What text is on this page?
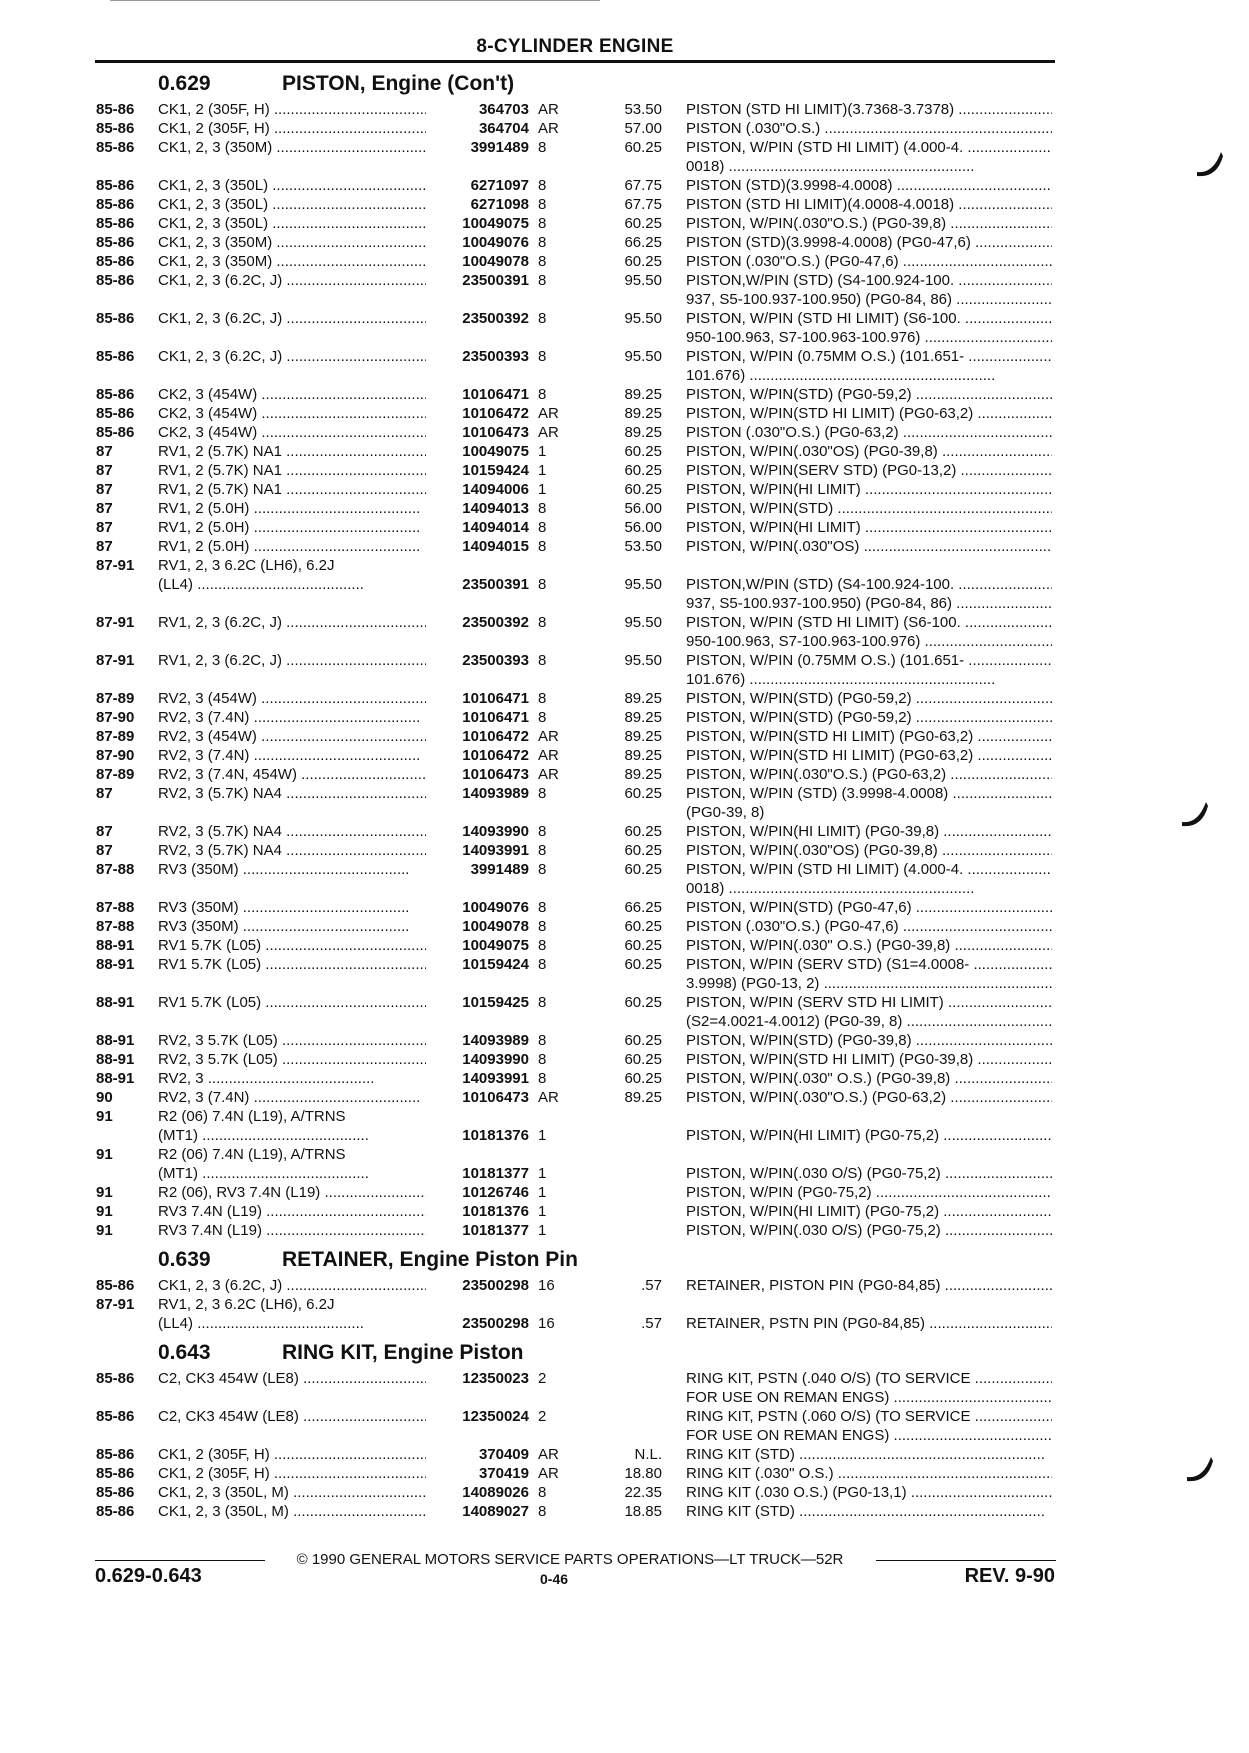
8-CYLINDER ENGINE
0.629	PISTON, Engine (Con't)
85-86 CK1, 2 (305F, H) .....	364703 AR	53.50 PISTON (STD HI LIMIT)(3.7368-3.7378) .....
85-86 CK1, 2 (305F, H) .....	364704 AR	57.00 PISTON (.030"O.S.) .....
85-86 CK1, 2, 3 (350M) .....	3991489 8	60.25 PISTON, W/PIN (STD HI LIMIT) (4.000-4. .....
0018) .....
85-86 CK1, 2, 3 (350L) .....	6271097 8	67.75 PISTON (STD)(3.9998-4.0008) .....
85-86 CK1, 2, 3 (350L) .....	6271098 8	67.75 PISTON (STD HI LIMIT)(4.0008-4.0018) .....
85-86 CK1, 2, 3 (350L) .....	10049075 8	60.25 PISTON, W/PIN(.030"O.S.) (PG0-39,8) .....
85-86 CK1, 2, 3 (350M) .....	10049076 8	66.25 PISTON (STD)(3.9998-4.0008) (PG0-47,6) .....
85-86 CK1, 2, 3 (350M) .....	10049078 8	60.25 PISTON (.030"O.S.) (PG0-47,6) .....
85-86 CK1, 2, 3 (6.2C, J) .....	23500391 8	95.50 PISTON,W/PIN (STD) (S4-100.924-100. .....
937, S5-100.937-100.950) (PG0-84, 86) .....
85-86 CK1, 2, 3 (6.2C, J) .....	23500392 8	95.50 PISTON, W/PIN (STD HI LIMIT) (S6-100. .....
950-100.963, S7-100.963-100.976) .....
85-86 CK1, 2, 3 (6.2C, J) .....	23500393 8	95.50 PISTON, W/PIN (0.75MM O.S.) (101.651- .....
101.676) .....
85-86 CK2, 3 (454W) .....	10106471 8	89.25 PISTON, W/PIN(STD) (PG0-59,2) .....
85-86 CK2, 3 (454W) .....	10106472 AR	89.25 PISTON, W/PIN(STD HI LIMIT) (PG0-63,2) .....
85-86 CK2, 3 (454W) .....	10106473 AR	89.25 PISTON (.030"O.S.) (PG0-63,2) .....
87	RV1, 2 (5.7K) NA1 .....	10049075 1	60.25 PISTON, W/PIN(.030"OS) (PG0-39,8) .....
87	RV1, 2 (5.7K) NA1 .....	10159424 1	60.25 PISTON, W/PIN(SERV STD) (PG0-13,2) .....
87	RV1, 2 (5.7K) NA1 .....	14094006 1	60.25 PISTON, W/PIN(HI LIMIT) .....
87	RV1, 2 (5.0H) .....	14094013 8	56.00 PISTON, W/PIN(STD) .....
87	RV1, 2 (5.0H) .....	14094014 8	56.00 PISTON, W/PIN(HI LIMIT) .....
87	RV1, 2 (5.0H) .....	14094015 8	53.50 PISTON, W/PIN(.030"OS) .....
87-91 RV1, 2, 3 6.2C (LH6), 6.2J
(LL4) .....	23500391 8	95.50 PISTON,W/PIN (STD) (S4-100.924-100. .....
937, S5-100.937-100.950) (PG0-84, 86) .....
87-91 RV1, 2, 3 (6.2C, J) .....	23500392 8	95.50 PISTON, W/PIN (STD HI LIMIT) (S6-100. .....
950-100.963, S7-100.963-100.976) .....
87-91 RV1, 2, 3 (6.2C, J) .....	23500393 8	95.50 PISTON, W/PIN (0.75MM O.S.) (101.651- .....
101.676) .....
87-89 RV2, 3 (454W) .....	10106471 8	89.25 PISTON, W/PIN(STD) (PG0-59,2) .....
87-90 RV2, 3 (7.4N) .....	10106471 8	89.25 PISTON, W/PIN(STD) (PG0-59,2) .....
87-89 RV2, 3 (454W) .....	10106472 AR	89.25 PISTON, W/PIN(STD HI LIMIT) (PG0-63,2) .....
87-90 RV2, 3 (7.4N) .....	10106472 AR	89.25 PISTON, W/PIN(STD HI LIMIT) (PG0-63,2) .....
87-89 RV2, 3 (7.4N, 454W) .....	10106473 AR	89.25 PISTON, W/PIN(.030"O.S.) (PG0-63,2) .....
87	RV2, 3 (5.7K) NA4 .....	14093989 8	60.25 PISTON, W/PIN (STD) (3.9998-4.0008) .....
(PG0-39, 8)
87	RV2, 3 (5.7K) NA4 .....	14093990 8	60.25 PISTON, W/PIN(HI LIMIT) (PG0-39,8) .....
87	RV2, 3 (5.7K) NA4 .....	14093991 8	60.25 PISTON, W/PIN(.030"OS) (PG0-39,8) .....
87-88 RV3 (350M) .....	3991489 8	60.25 PISTON, W/PIN (STD HI LIMIT) (4.000-4. .....
0018) .....
87-88 RV3 (350M) .....	10049076 8	66.25 PISTON, W/PIN(STD) (PG0-47,6) .....
87-88 RV3 (350M) .....	10049078 8	60.25 PISTON (.030"O.S.) (PG0-47,6) .....
88-91 RV1 5.7K (L05) .....	10049075 8	60.25 PISTON, W/PIN(.030" O.S.) (PG0-39,8) .....
88-91 RV1 5.7K (L05) .....	10159424 8	60.25 PISTON, W/PIN (SERV STD) (S1=4.0008- .....
3.9998) (PG0-13, 2) .....
88-91 RV1 5.7K (L05) .....	10159425 8	60.25 PISTON, W/PIN (SERV STD HI LIMIT) .....
(S2=4.0021-4.0012) (PG0-39, 8) .....
88-91 RV2, 3 5.7K (L05) .....	14093989 8	60.25 PISTON, W/PIN(STD) (PG0-39,8) .....
88-91 RV2, 3 5.7K (L05) .....	14093990 8	60.25 PISTON, W/PIN(STD HI LIMIT) (PG0-39,8) .....
88-91 RV2, 3 .....	14093991 8	60.25 PISTON, W/PIN(.030" O.S.) (PG0-39,8) .....
90	RV2, 3 (7.4N) .....	10106473 AR	89.25 PISTON, W/PIN(.030"O.S.) (PG0-63,2) .....
91	R2 (06) 7.4N (L19), A/TRNS
(MT1) .....	10181376 1	PISTON, W/PIN(HI LIMIT) (PG0-75,2) .....
91	R2 (06) 7.4N (L19), A/TRNS
(MT1) .....	10181377 1	PISTON, W/PIN(.030 O/S) (PG0-75,2) .....
91	R2 (06), RV3 7.4N (L19) .....	10126746 1	PISTON, W/PIN (PG0-75,2) .....
91	RV3 7.4N (L19) .....	10181376 1	PISTON, W/PIN(HI LIMIT) (PG0-75,2) .....
91	RV3 7.4N (L19) .....	10181377 1	PISTON, W/PIN(.030 O/S) (PG0-75,2) .....
0.639	RETAINER, Engine Piston Pin
85-86 CK1, 2, 3 (6.2C, J) .....	23500298 16	.57 RETAINER, PISTON PIN (PG0-84,85) .....
87-91 RV1, 2, 3 6.2C (LH6), 6.2J
(LL4) .....	23500298 16	.57 RETAINER, PSTN PIN (PG0-84,85) .....
0.643	RING KIT, Engine Piston
85-86 C2, CK3 454W (LE8) .....	12350023 2	RING KIT, PSTN (.040 O/S) (TO SERVICE .....
FOR USE ON REMAN ENGS) .....
85-86 C2, CK3 454W (LE8) .....	12350024 2	RING KIT, PSTN (.060 O/S) (TO SERVICE .....
FOR USE ON REMAN ENGS) .....
85-86 CK1, 2 (305F, H) .....	370409 AR	N.L. RING KIT (STD) .....
85-86 CK1, 2 (305F, H) .....	370419 AR	18.80 RING KIT (.030" O.S.) .....
85-86 CK1, 2, 3 (350L, M) .....	14089026 8	22.35 RING KIT (.030 O.S.) (PG0-13,1) .....
85-86 CK1, 2, 3 (350L, M) .....	14089027 8	18.85 RING KIT (STD) .....
© 1990 GENERAL MOTORS SERVICE PARTS OPERATIONS—LT TRUCK—52R
0.629-0.643	0-46	REV. 9-90
